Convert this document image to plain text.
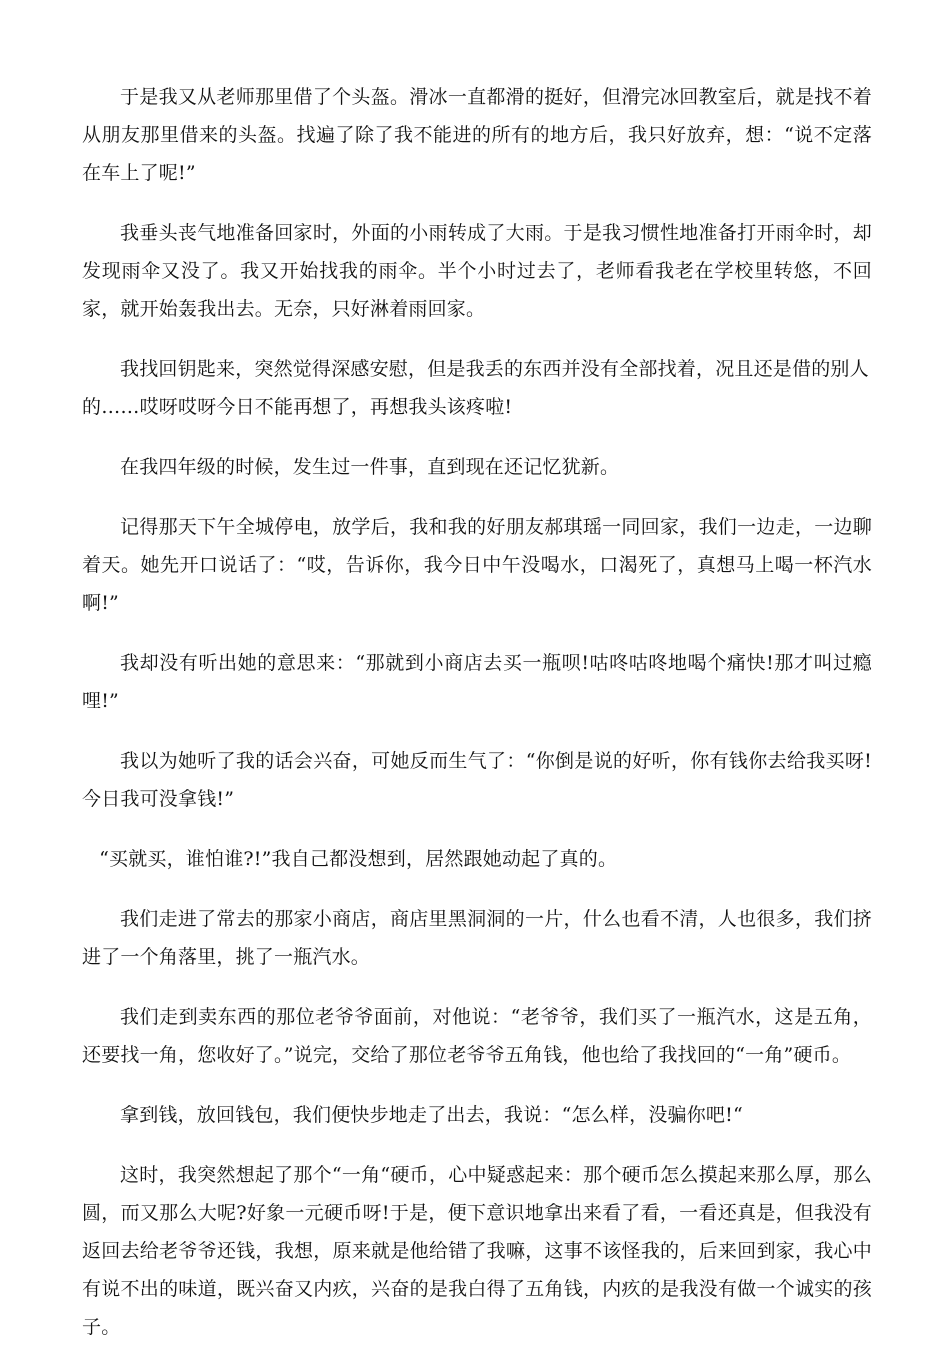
于是我又从老师那里借了个头盔。滑冰一直都滑的挺好，但滑完冰回教室后，就是找不着从朋友那里借来的头盔。找遍了除了我不能进的所有的地方后，我只好放弃，想：“说不定落在车上了呢!”

我垂头丧气地准备回家时，外面的小雨转成了大雨。于是我习惯性地准备打开雨伞时，却发现雨伞又没了。我又开始找我的雨伞。半个小时过去了，老师看我老在学校里转悠，不回家，就开始轰我出去。无奈，只好淋着雨回家。

我找回钥匙来，突然觉得深感安慰，但是我丢的东西并没有全部找着，况且还是借的别人
的……哎呀哎呀今日不能再想了，再想我头该疼啦!

在我四年级的时候，发生过一件事，直到现在还记忆犹新。

记得那天下午全城停电，放学后，我和我的好朋友郝琪瑶一同回家，我们一边走，一边聊着天。她先开口说话了：“哎，告诉你，我今日中午没喝水，口渴死了，真想马上喝一杯汽水啊!”

我却没有听出她的意思来：“那就到小商店去买一瓶呗!咕咚咕咚地喝个痛快!那才叫过瘾哩!”

我以为她听了我的话会兴奋，可她反而生气了：“你倒是说的好听，你有钱你去给我买呀!今日我可没拿钱!”

“买就买，谁怕谁?!”我自己都没想到，居然跟她动起了真的。

我们走进了常去的那家小商店，商店里黑洞洞的一片，什么也看不清，人也很多，我们挤进了一个角落里，挑了一瓶汽水。

我们走到卖东西的那位老爷爷面前，对他说：“老爷爷，我们买了一瓶汽水，这是五角，还要找一角，您收好了。”说完，交给了那位老爷爷五角钱，他也给了我找回的“一角”硬币。

拿到钱，放回钱包，我们便快步地走了出去，我说：“怎么样，没骗你吧!“

这时，我突然想起了那个“一角“硬币，心中疑惑起来：那个硬币怎么摸起来那么厚，那么圆，而又那么大呢?好象一元硬币呀!于是，便下意识地拿出来看了看，一看还真是，但我没有返回去给老爷爷还钱，我想，原来就是他给错了我嘛，这事不该怪我的，后来回到家，我心中有说不出的味道，既兴奋又内疚，兴奋的是我白得了五角钱，内疚的是我没有做一个诚实的孩子。
